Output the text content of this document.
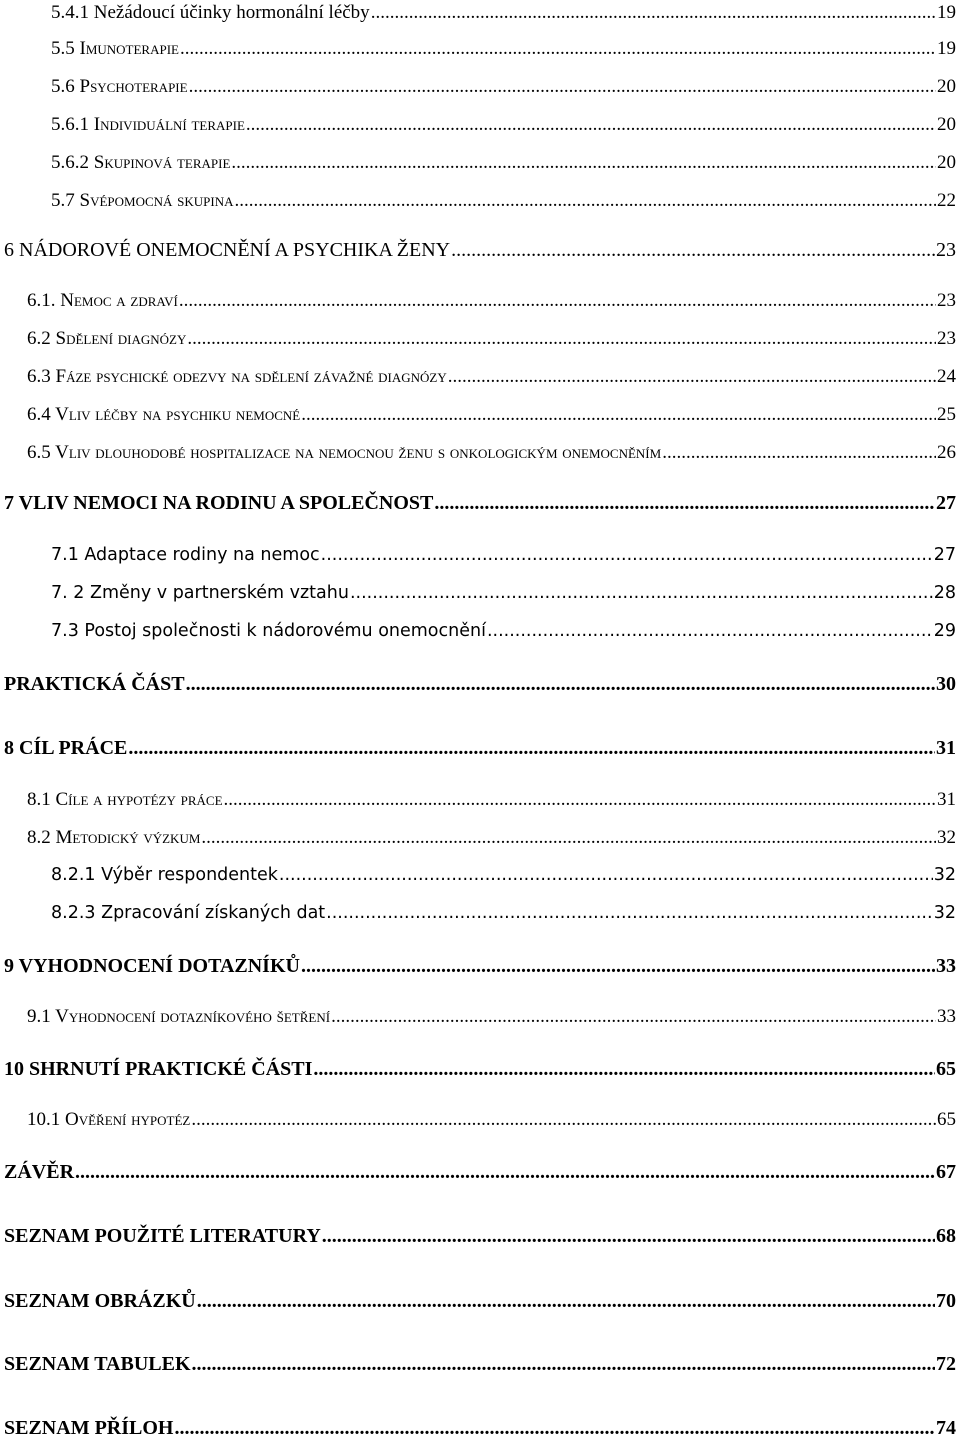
5.4.1 Nežádoucí účinky hormonální léčby .....	19
5.5 Imunoterapie .....	19
5.6 Psychoterapie .....	20
5.6.1 Individuální terapie .....	20
5.6.2 Skupinová terapie .....	20
5.7 Svépomocná skupina .....	22
6 NÁDOROVÉ ONEMOCNĚNÍ A PSYCHIKA ŽENY .....	23
6.1. Nemoc a zdraví .....	23
6.2 Sdělení diagnózy .....	23
6.3 Fáze psychické odezvy na sdělení závažné diagnózy .....	24
6.4 Vliv léčby na psychiku nemocné .....	25
6.5 Vliv dlouhodobé hospitalizace na nemocnou ženu s onkologickým onemocněním .....	26
7 VLIV NEMOCI NA RODINU A SPOLEČNOST .....	27
7.1 Adaptace rodiny na nemoc .....	27
7. 2 Změny v partnerském vztahu .....	28
7.3 Postoj společnosti k nádorovému onemocnění .....	29
PRAKTICKÁ ČÁST .....	30
8 CÍL PRÁCE .....	31
8.1 Cíle a hypotézy práce .....	31
8.2 Metodický výzkum .....	32
8.2.1 Výběr respondentek .....	32
8.2.3 Zpracování získaných dat .....	32
9 VYHODNOCENÍ DOTAZNÍKŮ .....	33
9.1 Vyhodnocení dotazníkového šetření .....	33
10 SHRNUTÍ PRAKTICKÉ ČÁSTI .....	65
10.1 Ověření hypotéz .....	65
ZÁVĚR .....	67
SEZNAM POUŽITÉ LITERATURY .....	68
SEZNAM OBRÁZKŮ .....	70
SEZNAM TABULEK .....	72
SEZNAM PŘÍLOH .....	74
